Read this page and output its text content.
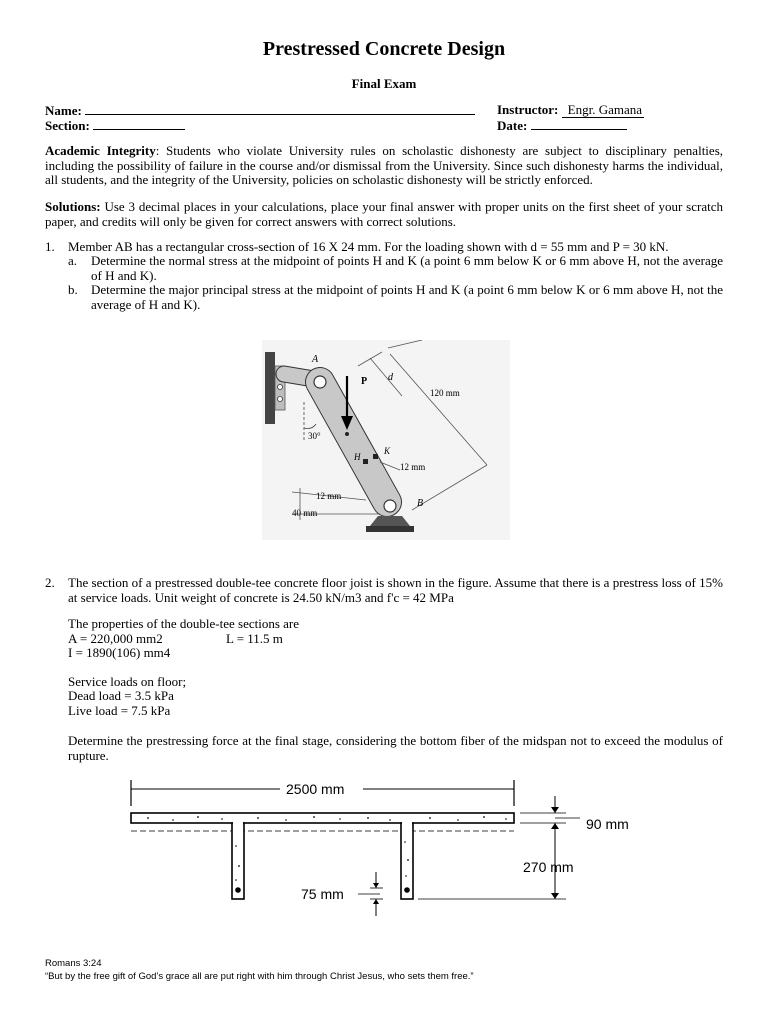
Prestressed Concrete Design
Final Exam
Name:
Section:
Instructor: Engr. Gamana
Date:
Academic Integrity: Students who violate University rules on scholastic dishonesty are subject to disciplinary penalties, including the possibility of failure in the course and/or dismissal from the University. Since such dishonesty harms the individual, all students, and the integrity of the University, policies on scholastic dishonesty will be strictly enforced.
Solutions: Use 3 decimal places in your calculations, place your final answer with proper units on the first sheet of your scratch paper, and credits will only be given for correct answers with correct solutions.
1. Member AB has a rectangular cross-section of 16 X 24 mm. For the loading shown with d = 55 mm and P = 30 kN.
a. Determine the normal stress at the midpoint of points H and K (a point 6 mm below K or 6 mm above H, not the average of H and K).
b. Determine the major principal stress at the midpoint of points H and K (a point 6 mm below K or 6 mm above H, not the average of H and K).
A
B
P d
H
K
30°
120 mm
12 mm
12 mm
40 mm
2. The section of a prestressed double-tee concrete floor joist is shown in the figure. Assume that there is a prestress loss of 15% at service loads. Unit weight of concrete is 24.50 kN/m3 and f'c = 42 MPa
The properties of the double-tee sections are
A = 220,000 mm2	L = 11.5 m
I = 1890(106) mm4
Service loads on floor;
Dead load = 3.5 kPa
Live load = 7.5 kPa
Determine the prestressing force at the final stage, considering the bottom fiber of the midspan not to exceed the modulus of rupture.
2500 mm
90 mm
270 mm
75 mm
Romans 3:24
“But by the free gift of God’s grace all are put right with him through Christ Jesus, who sets them free.”
